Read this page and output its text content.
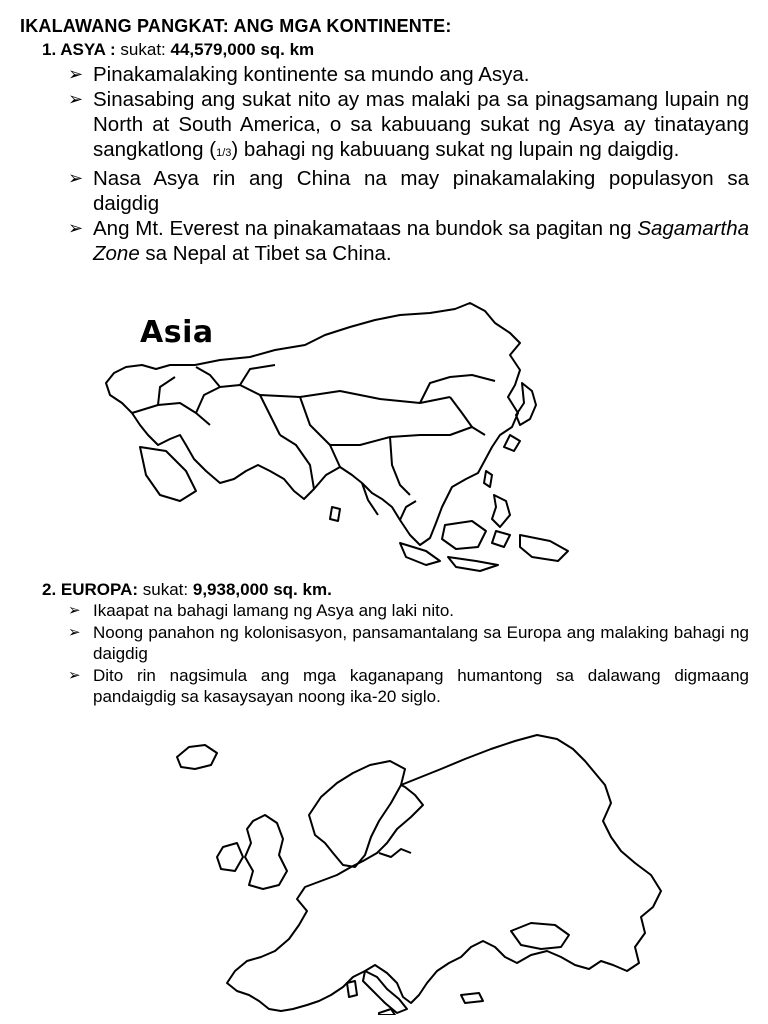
IKALAWANG PANGKAT: ANG MGA KONTINENTE:
1. ASYA : sukat: 44,579,000 sq. km
➢ Pinakamalaking kontinente sa mundo ang Asya.
➢ Sinasabing ang sukat nito ay mas malaki pa sa pinagsamang lupain ng North at South America, o sa kabuuang sukat ng Asya ay tinatayang sangkatlong (1/3) bahagi ng kabuuang sukat ng lupain ng daigdig.
➢ Nasa Asya rin ang China na may pinakamalaking populasyon sa daigdig
➢ Ang Mt. Everest na pinakamataas na bundok sa pagitan ng Sagamartha Zone sa Nepal at Tibet sa China.
Asia
2. EUROPA: sukat: 9,938,000 sq. km.
➢ Ikaapat na bahagi lamang ng Asya ang laki nito.
➢ Noong panahon ng kolonisasyon, pansamantalang sa Europa ang malaking bahagi ng daigdig
➢ Dito rin nagsimula ang mga kaganapang humantong sa dalawang digmaang pandaigdig sa kasaysayan noong ika-20 siglo.
